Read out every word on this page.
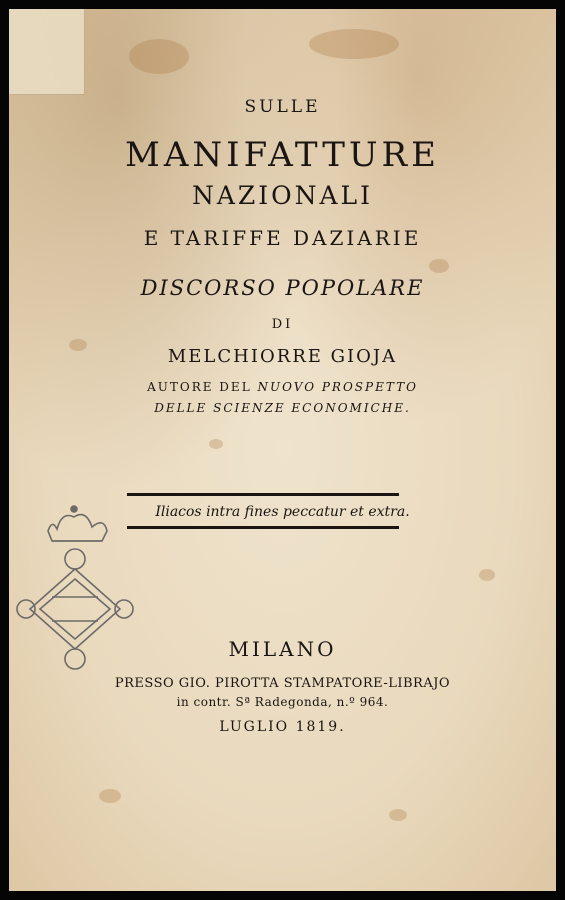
SULLE
MANIFATTURE
NAZIONALI
E TARIFFE DAZIARIE
DISCORSO POPOLARE
DI
MELCHIORRE GIOJA
AUTORE DEL NUOVO PROSPETTO
DELLE SCIENZE ECONOMICHE.
Iliacos intra fines peccatur et extra.
MILANO
PRESSO GIO. PIROTTA STAMPATORE-LIBRAJO
in contr. Sª Radegonda, n.º 964.
LUGLIO 1819.
